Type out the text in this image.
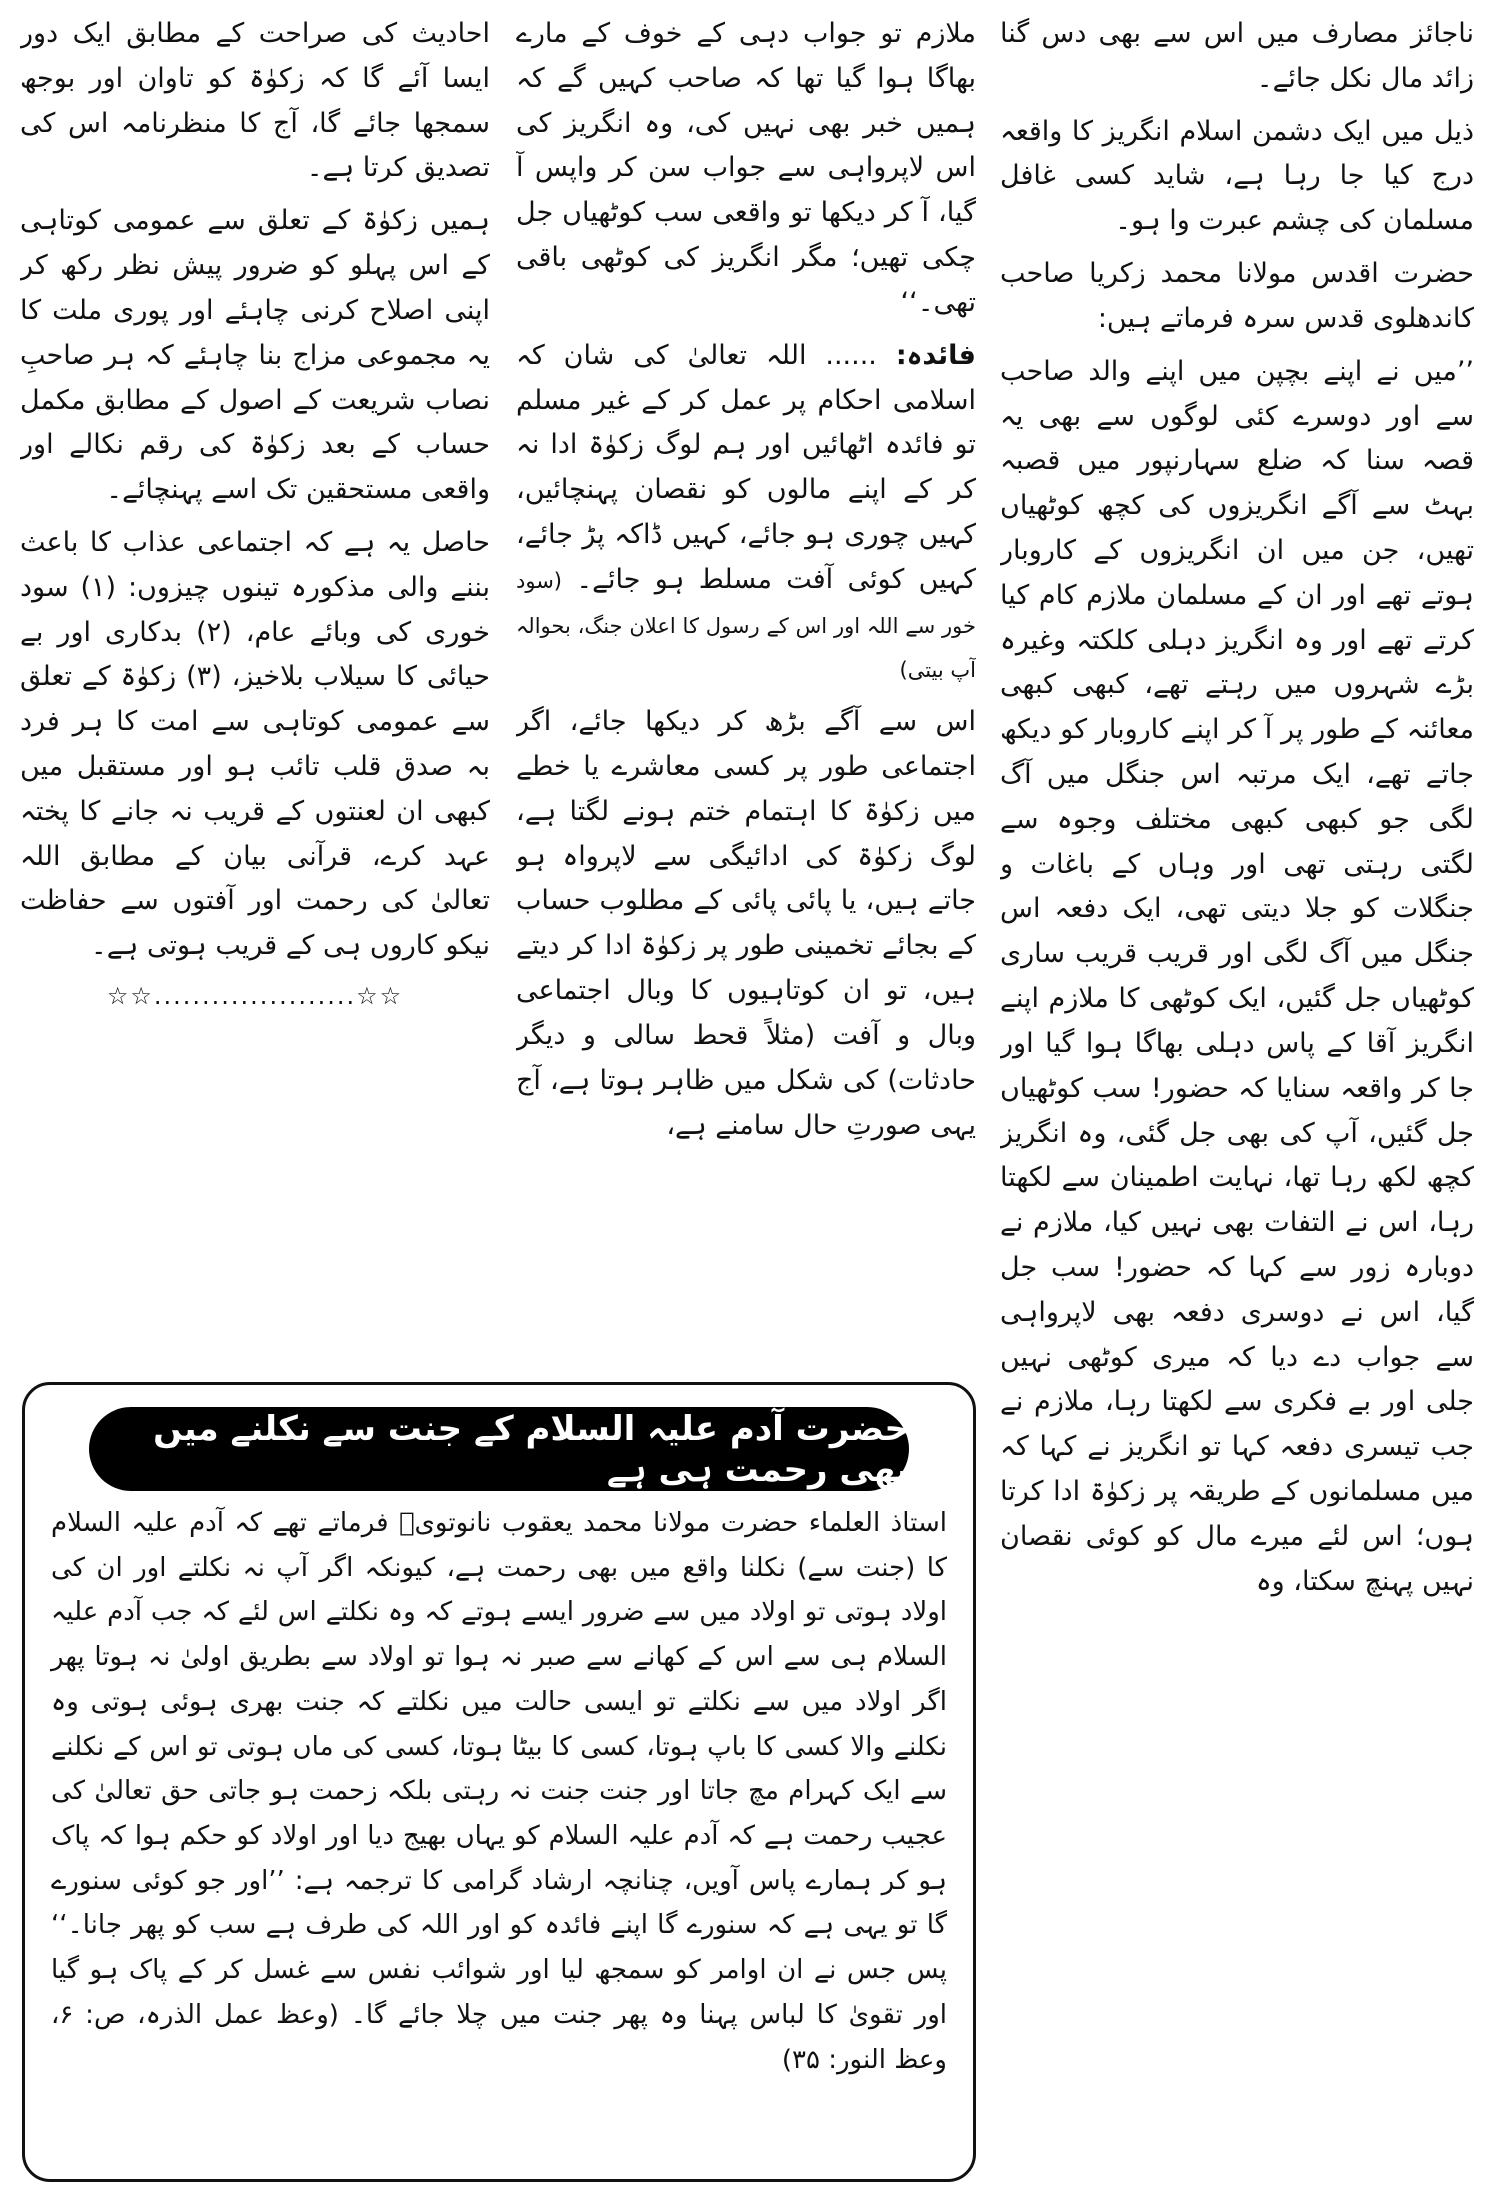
ناجائز مصارف میں اس سے بھی دس گنا زائد مال نکل جائے۔

ذیل میں ایک دشمن اسلام انگریز کا واقعہ درج کیا جا رہا ہے، شاید کسی غافل مسلمان کی چشم عبرت وا ہو۔

حضرت اقدس مولانا محمد زکریا صاحب کاندھلوی قدس سرہ فرماتے ہیں:

’’میں نے اپنے بچپن میں اپنے والد صاحب سے اور دوسرے کئی لوگوں سے بھی یہ قصہ سنا کہ ضلع سہارنپور میں قصبہ بہٹ سے آگے انگریزوں کی کچھ کوٹھیاں تھیں، جن میں ان انگریزوں کے کاروبار ہوتے تھے اور ان کے مسلمان ملازم کام کیا کرتے تھے اور وہ انگریز دہلی کلکتہ وغیرہ بڑے شہروں میں رہتے تھے، کبھی کبھی معائنہ کے طور پر آ کر اپنے کاروبار کو دیکھ جاتے تھے، ایک مرتبہ اس جنگل میں آگ لگی جو کبھی کبھی مختلف وجوہ سے لگتی رہتی تھی اور وہاں کے باغات و جنگلات کو جلا دیتی تھی، ایک دفعہ اس جنگل میں آگ لگی اور قریب قریب ساری کوٹھیاں جل گئیں، ایک کوٹھی کا ملازم اپنے انگریز آقا کے پاس دہلی بھاگا ہوا گیا اور جا کر واقعہ سنایا کہ حضور! سب کوٹھیاں جل گئیں، آپ کی بھی جل گئی، وہ انگریز کچھ لکھ رہا تھا، نہایت اطمینان سے لکھتا رہا، اس نے التفات بھی نہیں کیا، ملازم نے دوبارہ زور سے کہا کہ حضور! سب جل گیا، اس نے دوسری دفعہ بھی لاپرواہی سے جواب دے دیا کہ میری کوٹھی نہیں جلی اور بے فکری سے لکھتا رہا، ملازم نے جب تیسری دفعہ کہا تو انگریز نے کہا کہ میں مسلمانوں کے طریقہ پر زکوٰۃ ادا کرتا ہوں؛ اس لئے میرے مال کو کوئی نقصان نہیں پہنچ سکتا، وہ

ملازم تو جواب دہی کے خوف کے مارے بھاگا ہوا گیا تھا کہ صاحب کہیں گے کہ ہمیں خبر بھی نہیں کی، وہ انگریز کی اس لاپرواہی سے جواب سن کر واپس آ گیا، آ کر دیکھا تو واقعی سب کوٹھیاں جل چکی تھیں؛ مگر انگریز کی کوٹھی باقی تھی۔‘‘

فائدہ: ...... اللہ تعالیٰ کی شان کہ اسلامی احکام پر عمل کر کے غیر مسلم تو فائدہ اٹھائیں اور ہم لوگ زکوٰۃ ادا نہ کر کے اپنے مالوں کو نقصان پہنچائیں، کہیں چوری ہو جائے، کہیں ڈاکہ پڑ جائے، کہیں کوئی آفت مسلط ہو جائے۔ (سود خور سے اللہ اور اس کے رسول کا اعلان جنگ، بحوالہ آپ بیتی)

اس سے آگے بڑھ کر دیکھا جائے، اگر اجتماعی طور پر کسی معاشرے یا خطے میں زکوٰۃ کا اہتمام ختم ہونے لگتا ہے، لوگ زکوٰۃ کی ادائیگی سے لاپرواہ ہو جاتے ہیں، یا پائی پائی کے مطلوب حساب کے بجائے تخمینی طور پر زکوٰۃ ادا کر دیتے ہیں، تو ان کوتاہیوں کا وبال اجتماعی وبال و آفت (مثلاً قحط سالی و دیگر حادثات) کی شکل میں ظاہر ہوتا ہے، آج یہی صورتِ حال سامنے ہے،

احادیث کی صراحت کے مطابق ایک دور ایسا آئے گا کہ زکوٰۃ کو تاوان اور بوجھ سمجھا جائے گا، آج کا منظرنامہ اس کی تصدیق کرتا ہے۔

ہمیں زکوٰۃ کے تعلق سے عمومی کوتاہی کے اس پہلو کو ضرور پیش نظر رکھ کر اپنی اصلاح کرنی چاہئے اور پوری ملت کا یہ مجموعی مزاج بنا چاہئے کہ ہر صاحبِ نصاب شریعت کے اصول کے مطابق مکمل حساب کے بعد زکوٰۃ کی رقم نکالے اور واقعی مستحقین تک اسے پہنچائے۔

حاصل یہ ہے کہ اجتماعی عذاب کا باعث بننے والی مذکورہ تینوں چیزوں: (۱) سود خوری کی وبائے عام، (۲) بدکاری اور بے حیائی کا سیلاب بلاخیز، (۳) زکوٰۃ کے تعلق سے عمومی کوتاہی سے امت کا ہر فرد بہ صدق قلب تائب ہو اور مستقبل میں کبھی ان لعنتوں کے قریب نہ جانے کا پختہ عہد کرے، قرآنی بیان کے مطابق اللہ تعالیٰ کی رحمت اور آفتوں سے حفاظت نیکو کاروں ہی کے قریب ہوتی ہے۔

☆☆.....................☆☆
حضرت آدم علیہ السلام کے جنت سے نکلنے میں بھی رحمت ہی ہے

استاذ العلماء حضرت مولانا محمد یعقوب نانوتویؒ فرماتے تھے کہ آدم علیہ السلام کا (جنت سے) نکلنا واقع میں بھی رحمت ہے، کیونکہ اگر آپ نہ نکلتے اور ان کی اولاد ہوتی تو اولاد میں سے ضرور ایسے ہوتے کہ وہ نکلتے اس لئے کہ جب آدم علیہ السلام ہی سے اس کے کھانے سے صبر نہ ہوا تو اولاد سے بطریق اولیٰ نہ ہوتا پھر اگر اولاد میں سے نکلتے تو ایسی حالت میں نکلتے کہ جنت بھری ہوئی ہوتی وہ نکلنے والا کسی کا باپ ہوتا، کسی کا بیٹا ہوتا، کسی کی ماں ہوتی تو اس کے نکلنے سے ایک کہرام مچ جاتا اور جنت جنت نہ رہتی بلکہ زحمت ہو جاتی حق تعالیٰ کی عجیب رحمت ہے کہ آدم علیہ السلام کو یہاں بھیج دیا اور اولاد کو حکم ہوا کہ پاک ہو کر ہمارے پاس آویں، چنانچہ ارشاد گرامی کا ترجمہ ہے: ’’اور جو کوئی سنورے گا تو یہی ہے کہ سنورے گا اپنے فائدہ کو اور اللہ کی طرف ہے سب کو پھر جانا۔‘‘ پس جس نے ان اوامر کو سمجھ لیا اور شوائب نفس سے غسل کر کے پاک ہو گیا اور تقویٰ کا لباس پہنا وہ پھر جنت میں چلا جائے گا۔ (وعظ عمل الذرہ، ص: ۶، وعظ النور: ۳۵)
